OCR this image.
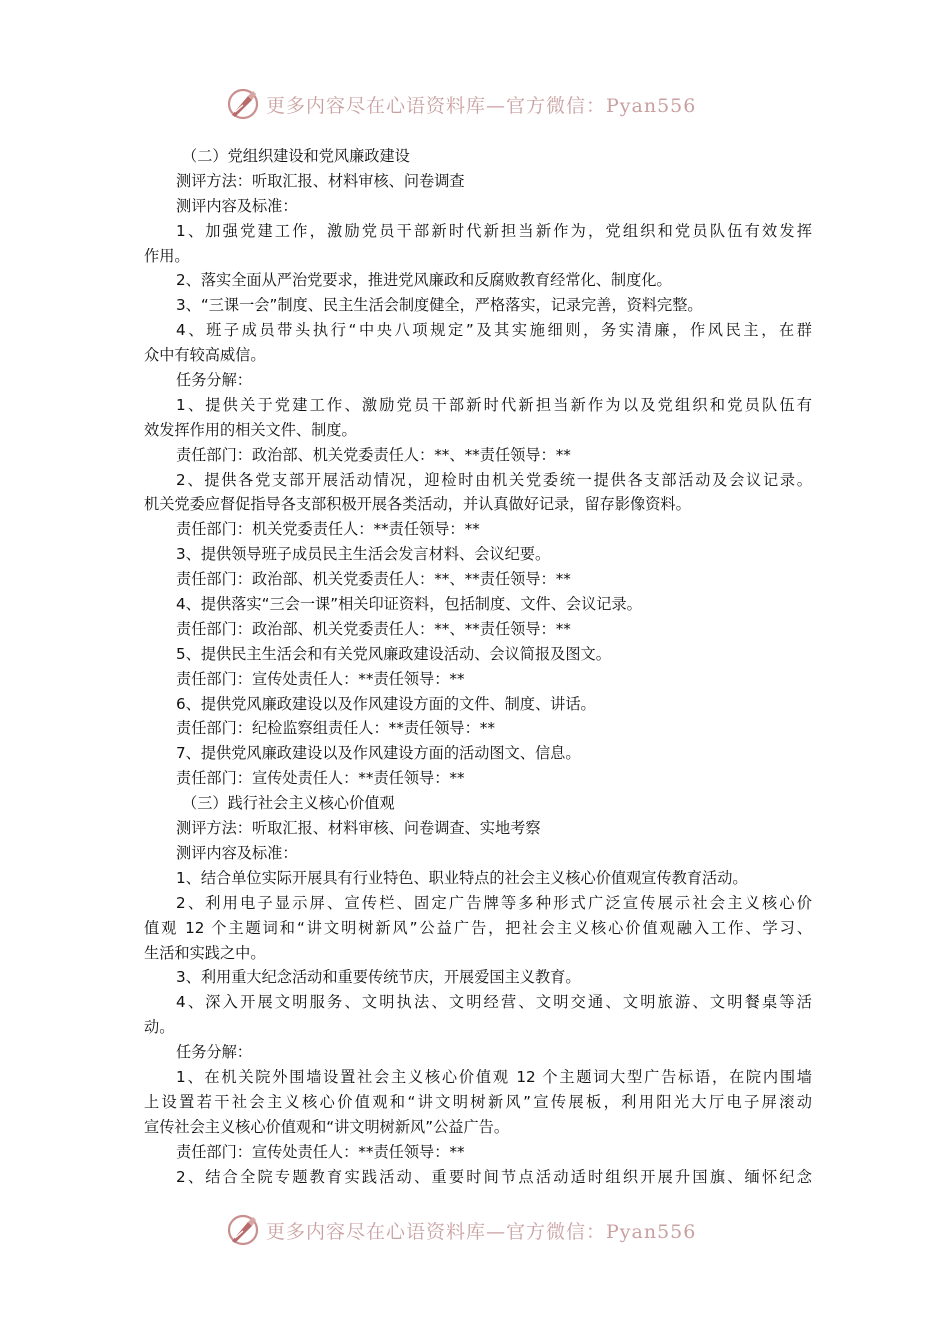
更多内容尽在心语资料库—官方微信：Pyan556
（二）党组织建设和党风廉政建设
测评方法：听取汇报、材料审核、问卷调查
测评内容及标准：
1、加强党建工作，激励党员干部新时代新担当新作为，党组织和党员队伍有效发挥
作用。
2、落实全面从严治党要求，推进党风廉政和反腐败教育经常化、制度化。
3、“三课一会”制度、民主生活会制度健全，严格落实，记录完善，资料完整。
4、班子成员带头执行“中央八项规定”及其实施细则，务实清廉，作风民主，在群
众中有较高威信。
任务分解：
1、提供关于党建工作、激励党员干部新时代新担当新作为以及党组织和党员队伍有
效发挥作用的相关文件、制度。
责任部门：政治部、机关党委责任人：**、**责任领导：**
2、提供各党支部开展活动情况，迎检时由机关党委统一提供各支部活动及会议记录。
机关党委应督促指导各支部积极开展各类活动，并认真做好记录，留存影像资料。
责任部门：机关党委责任人：**责任领导：**
3、提供领导班子成员民主生活会发言材料、会议纪要。
责任部门：政治部、机关党委责任人：**、**责任领导：**
4、提供落实“三会一课”相关印证资料，包括制度、文件、会议记录。
责任部门：政治部、机关党委责任人：**、**责任领导：**
5、提供民主生活会和有关党风廉政建设活动、会议简报及图文。
责任部门：宣传处责任人：**责任领导：**
6、提供党风廉政建设以及作风建设方面的文件、制度、讲话。
责任部门：纪检监察组责任人：**责任领导：**
7、提供党风廉政建设以及作风建设方面的活动图文、信息。
责任部门：宣传处责任人：**责任领导：**
（三）践行社会主义核心价值观
测评方法：听取汇报、材料审核、问卷调查、实地考察
测评内容及标准：
1、结合单位实际开展具有行业特色、职业特点的社会主义核心价值观宣传教育活动。
2、利用电子显示屏、宣传栏、固定广告牌等多种形式广泛宣传展示社会主义核心价
值观 12 个主题词和“讲文明树新风”公益广告，把社会主义核心价值观融入工作、学习、
生活和实践之中。
3、利用重大纪念活动和重要传统节庆，开展爱国主义教育。
4、深入开展文明服务、文明执法、文明经营、文明交通、文明旅游、文明餐桌等活
动。
任务分解：
1、在机关院外围墙设置社会主义核心价值观 12 个主题词大型广告标语，在院内围墙
上设置若干社会主义核心价值观和“讲文明树新风”宣传展板，利用阳光大厅电子屏滚动
宣传社会主义核心价值观和“讲文明树新风”公益广告。
责任部门：宣传处责任人：**责任领导：**
2、结合全院专题教育实践活动、重要时间节点活动适时组织开展升国旗、缅怀纪念
更多内容尽在心语资料库—官方微信：Pyan556
